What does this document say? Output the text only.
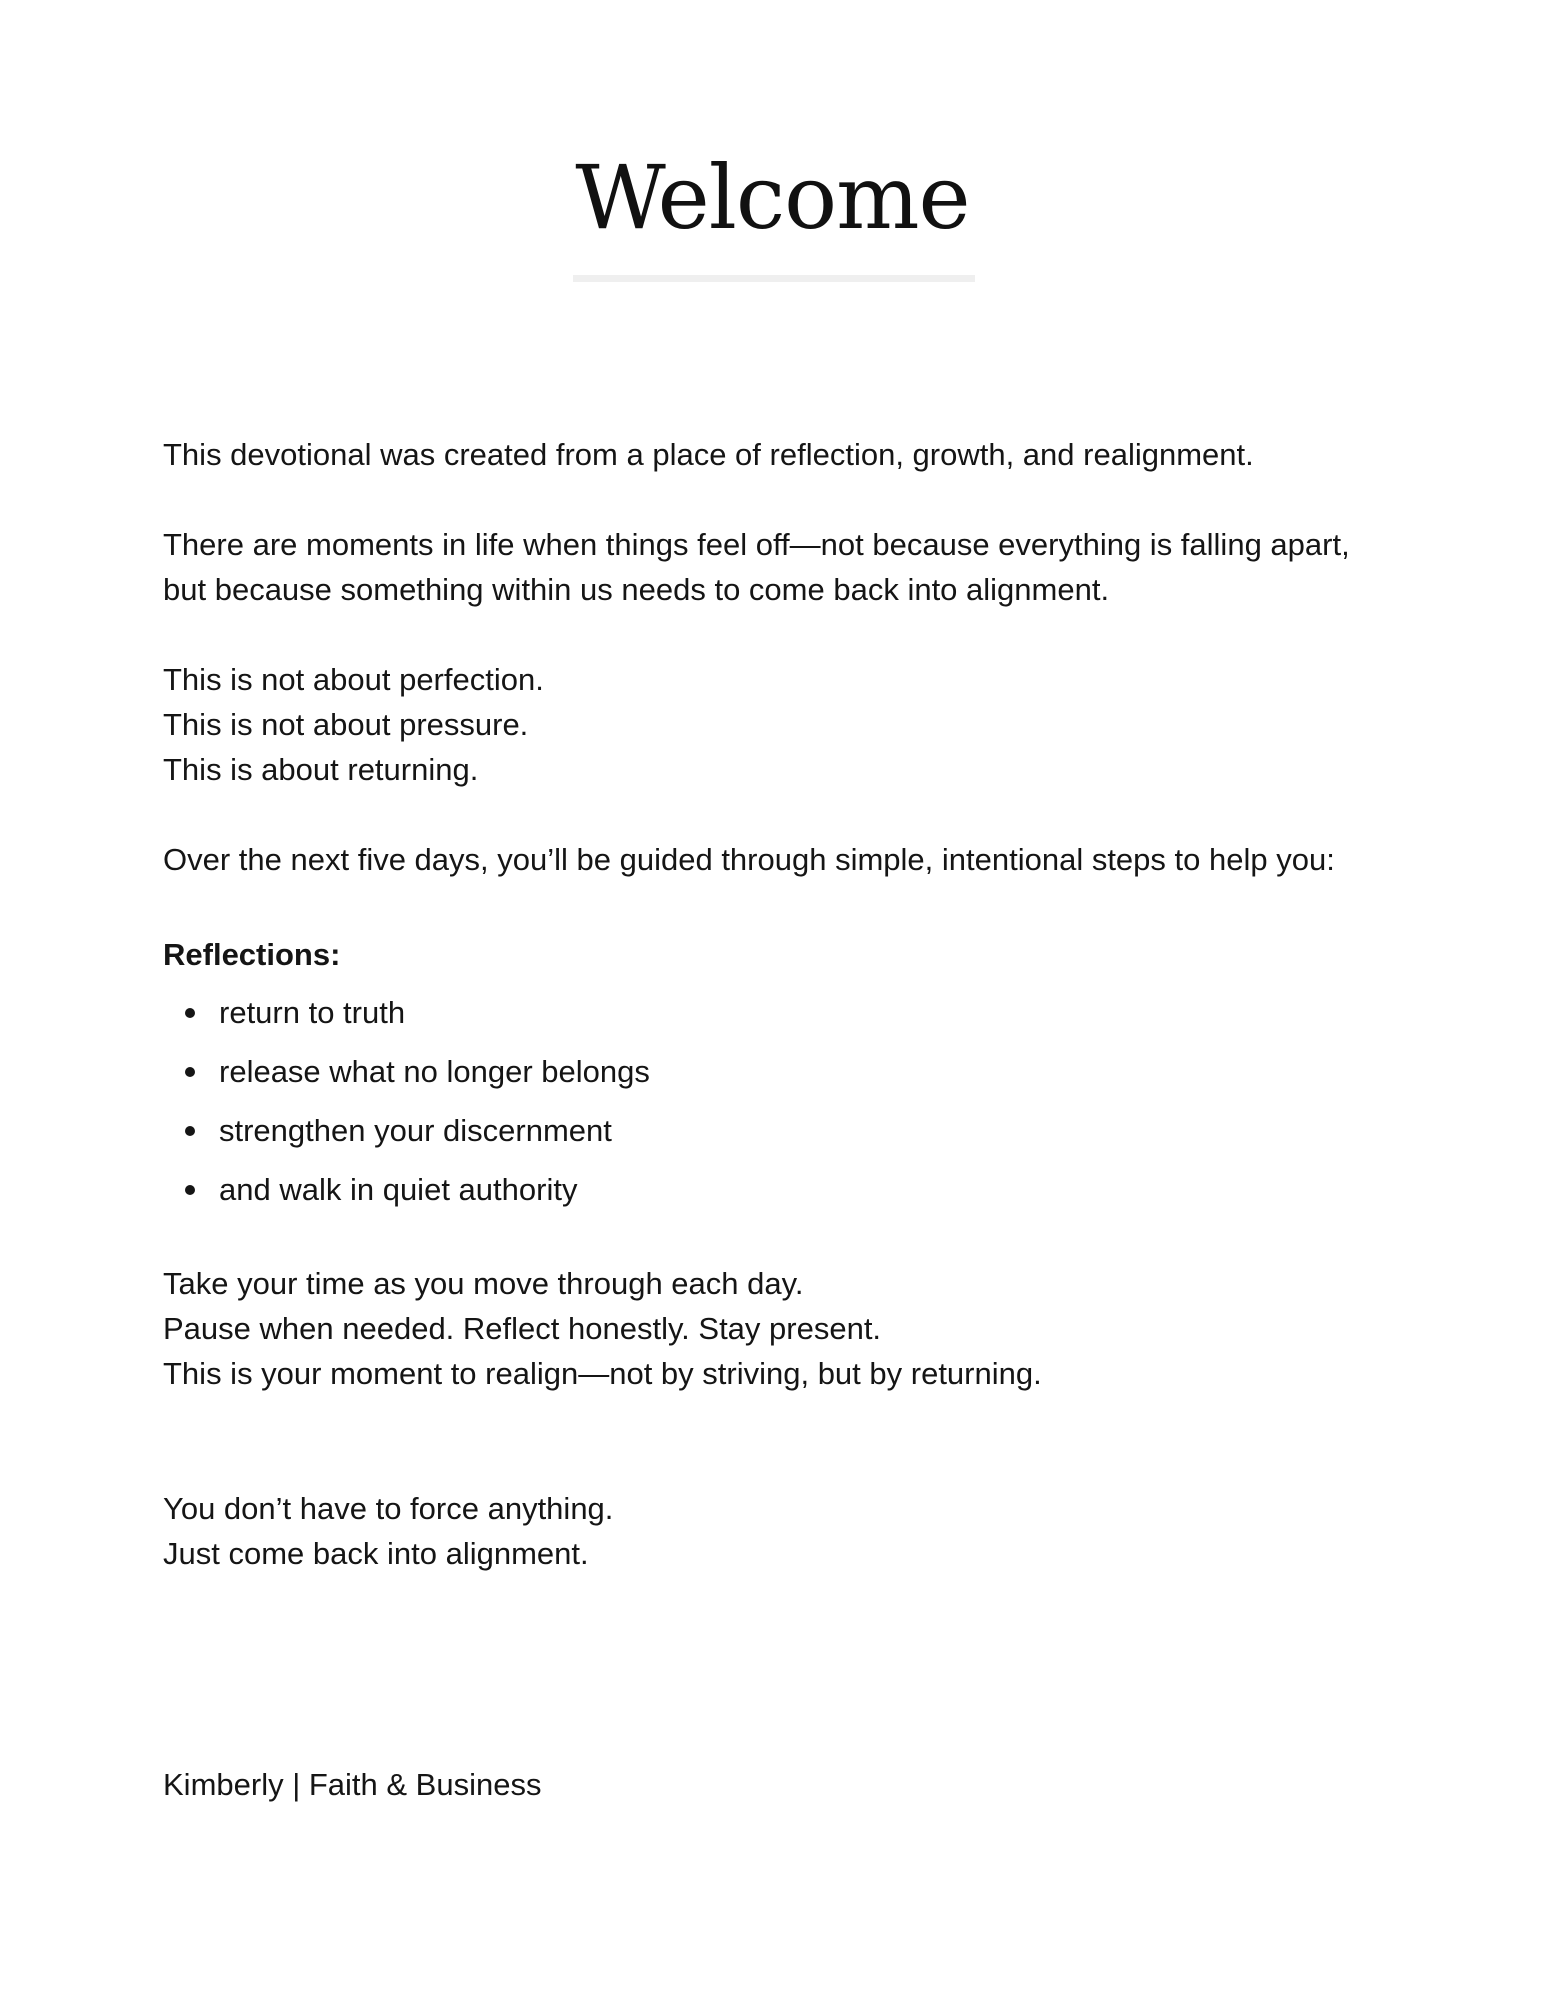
Welcome

This devotional was created from a place of reflection, growth, and realignment.

There are moments in life when things feel off—not because everything is falling apart,
but because something within us needs to come back into alignment.

This is not about perfection.
This is not about pressure.
This is about returning.

Over the next five days, you’ll be guided through simple, intentional steps to help you:

Reflections:

return to truth
release what no longer belongs
strengthen your discernment
and walk in quiet authority

Take your time as you move through each day.
Pause when needed. Reflect honestly. Stay present.
This is your moment to realign—not by striving, but by returning.

You don’t have to force anything.
Just come back into alignment.

Kimberly | Faith & Business
